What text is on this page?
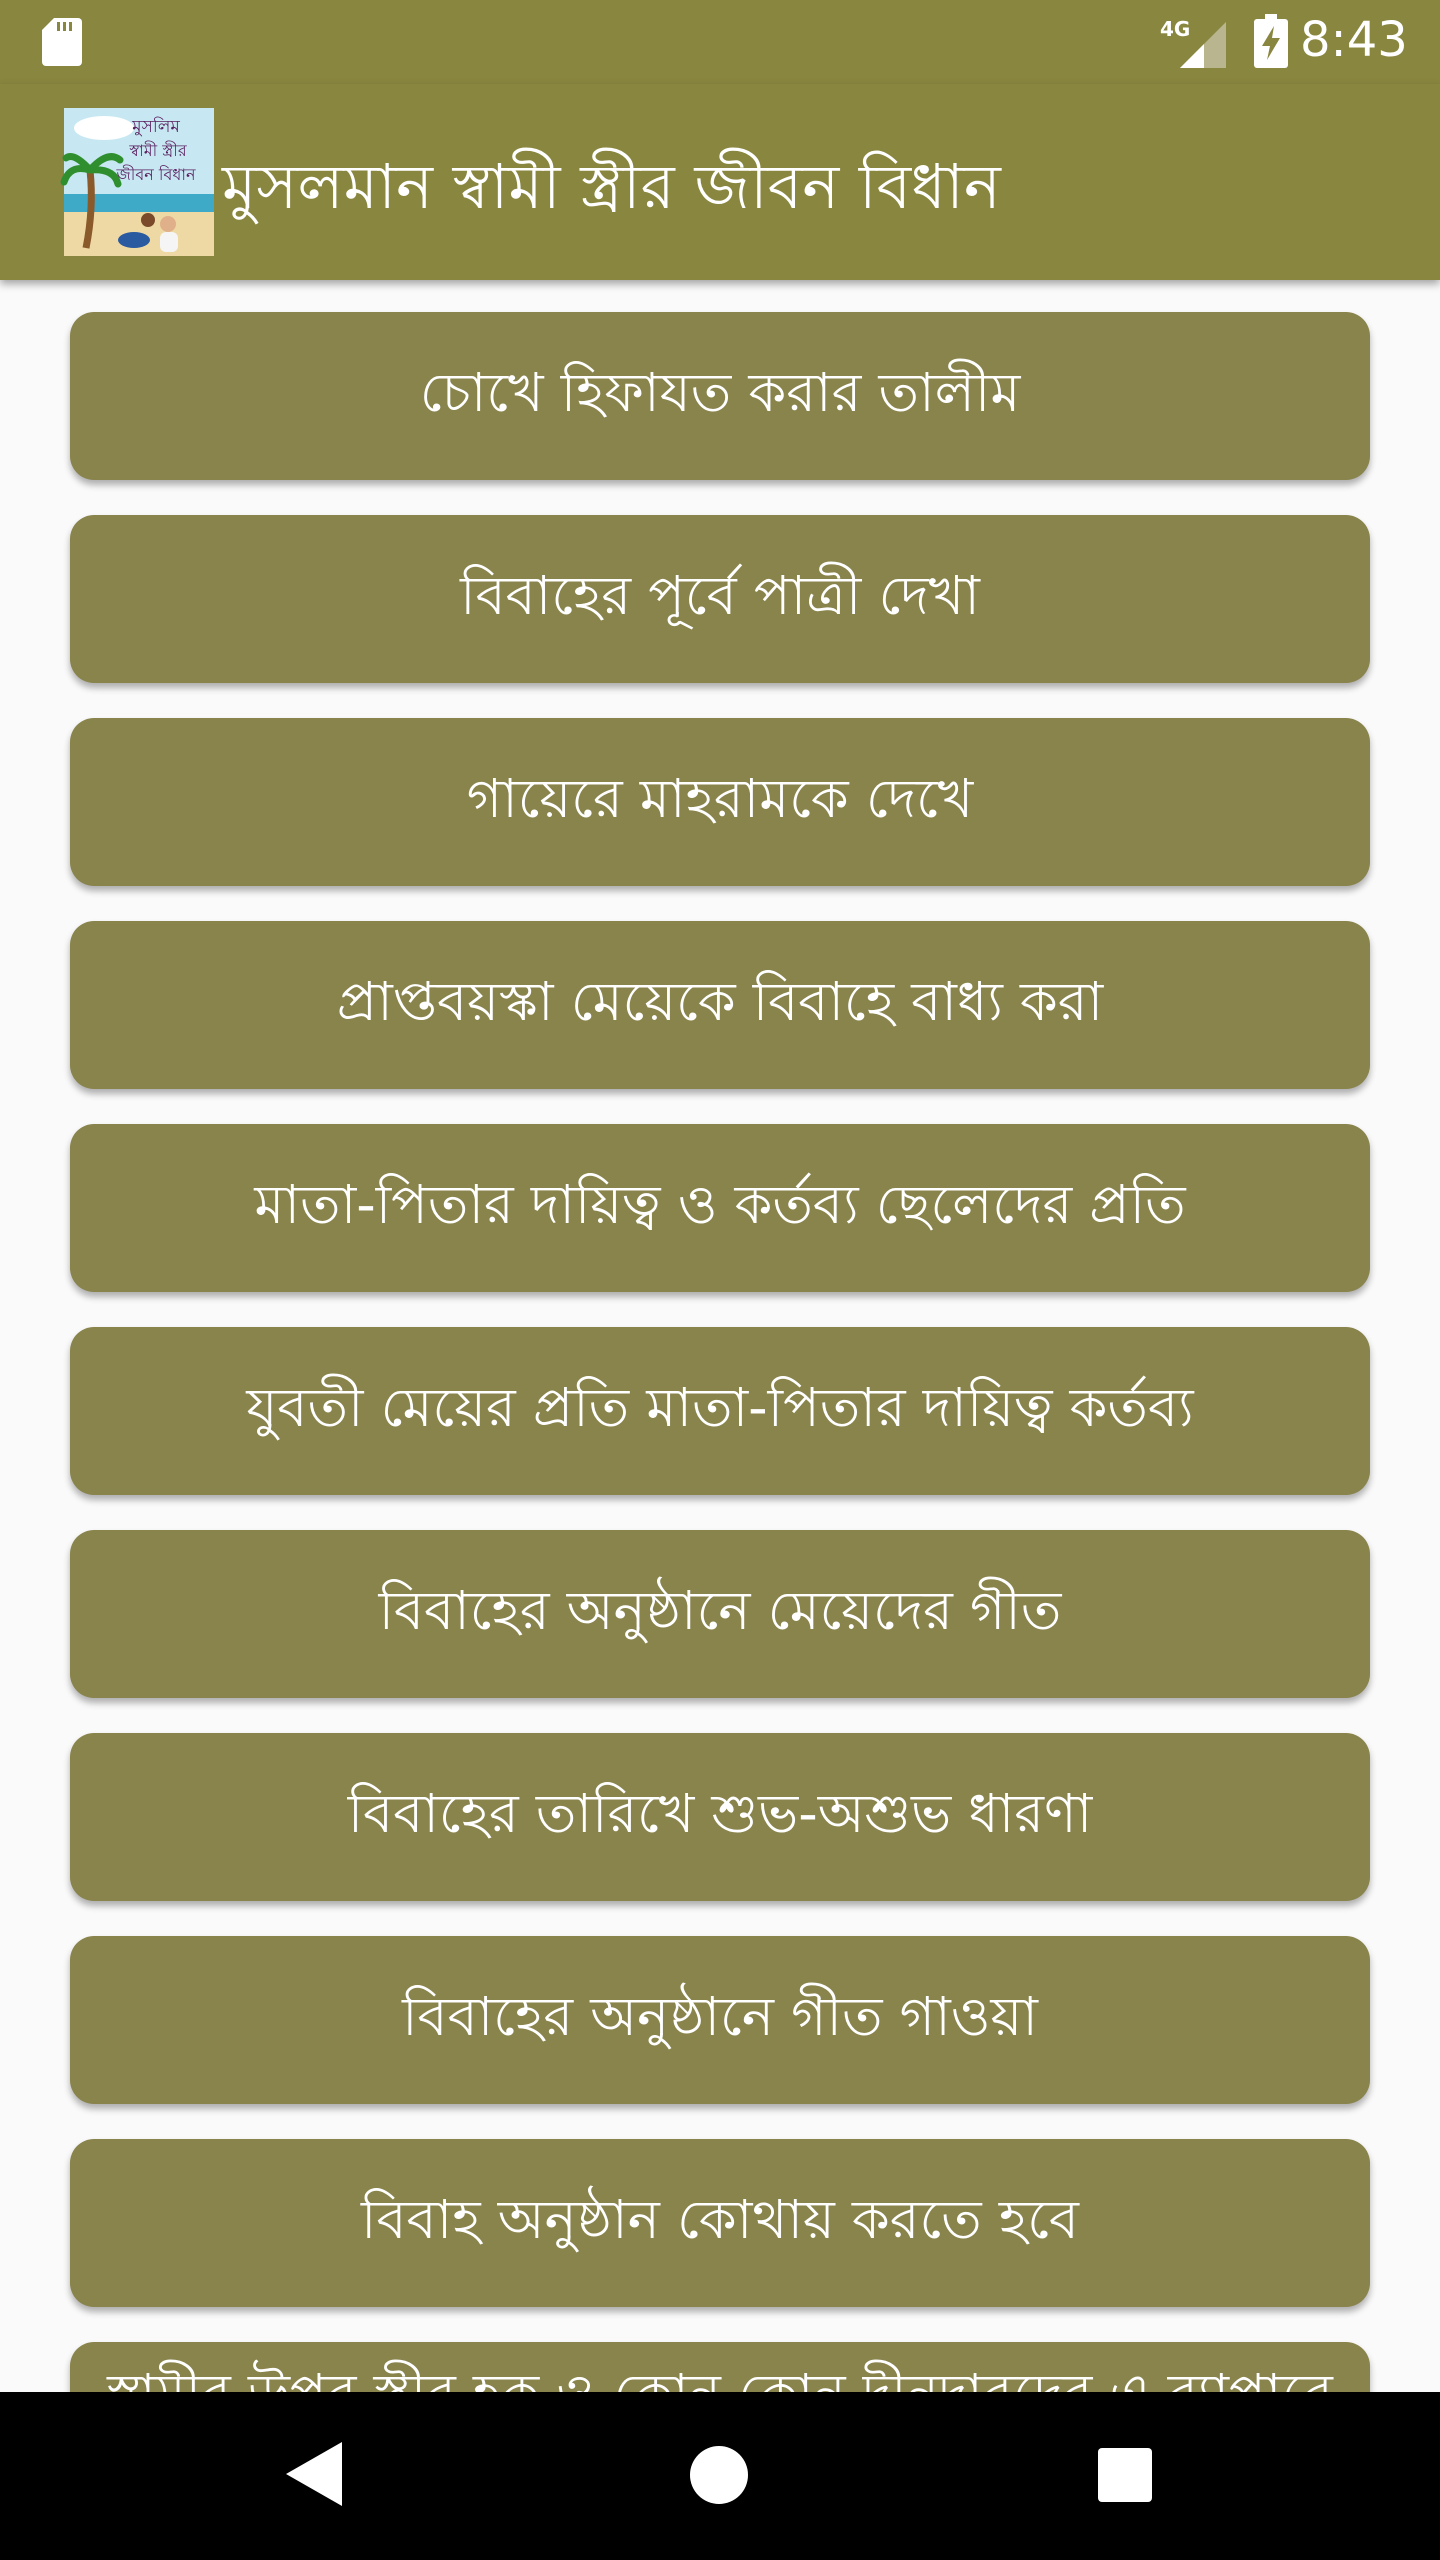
4G 8:43
মুসলিম
স্বামী স্ত্রীর
জীবন বিধান মুসলমান স্বামী স্ত্রীর জীবন বিধান
চোখে হিফাযত করার তালীম
বিবাহের পূর্বে পাত্রী দেখা
গায়েরে মাহরামকে দেখে
প্রাপ্তবয়স্কা মেয়েকে বিবাহে বাধ্য করা
মাতা-পিতার দায়িত্ব ও কর্তব্য ছেলেদের প্রতি
যুবতী মেয়ের প্রতি মাতা-পিতার দায়িত্ব কর্তব্য
বিবাহের অনুষ্ঠানে মেয়েদের গীত
বিবাহের তারিখে শুভ-অশুভ ধারণা
বিবাহের অনুষ্ঠানে গীত গাওয়া
বিবাহ অনুষ্ঠান কোথায় করতে হবে
